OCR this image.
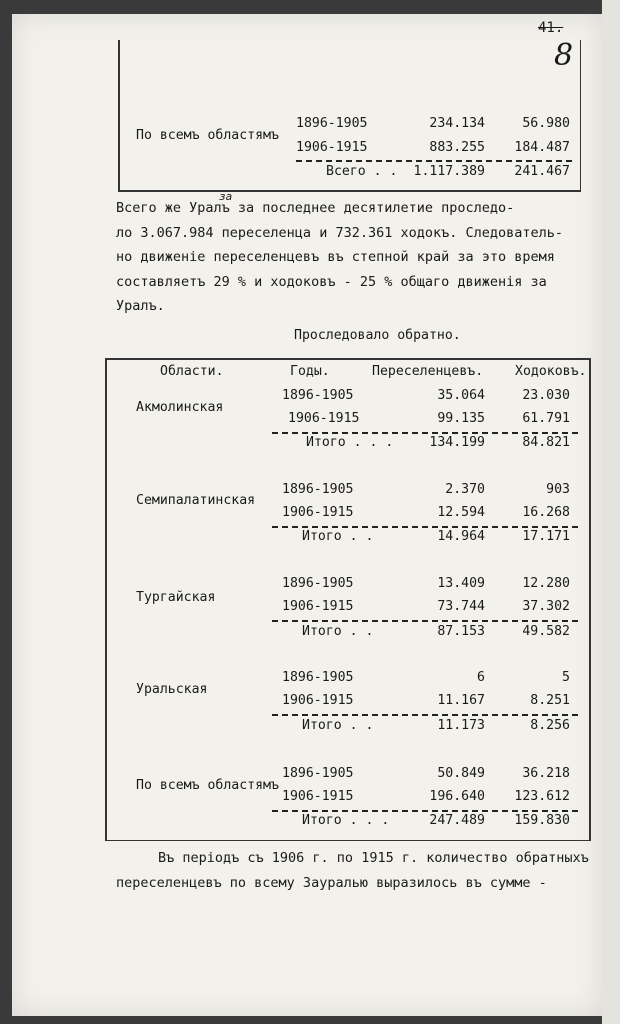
41.
8
По всемъ областямъ
1896-1905	234.134	56.980
1906-1915	883.255	184.487
Всего . .	1.117.389	241.467
за
Всего же Уралъ за последнее десятилетие проследо-
ло 3.067.984 переселенца и 732.361 ходокъ. Следователь-
но движенiе переселенцевъ въ степной край за это время
составляетъ 29 % и ходоковъ - 25 % общаго движенiя за
Уралъ.
Проследовало обратно.
Области.	Годы.	Переселенцевъ. Ходоковъ.
Акмолинская
1896-1905	35.064	23.030
1906-1915	99.135	61.791
Итого . . .	134.199	84.821
Семипалатинская
1896-1905	2.370	903
1906-1915	12.594	16.268
Итого . .	14.964	17.171
Тургайская
1896-1905	13.409	12.280
1906-1915	73.744	37.302
Итого . .	87.153	49.582
Уральская
1896-1905	6	5
1906-1915	11.167	8.251
Итого . .	11.173	8.256
По всемъ областямъ
1896-1905	50.849	36.218
1906-1915	196.640	123.612
Итого . . .	247.489	159.830
Въ перiодъ съ 1906 г. по 1915 г. количество обратныхъ
переселенцевъ по всему Зауралью выразилось въ сумме -
